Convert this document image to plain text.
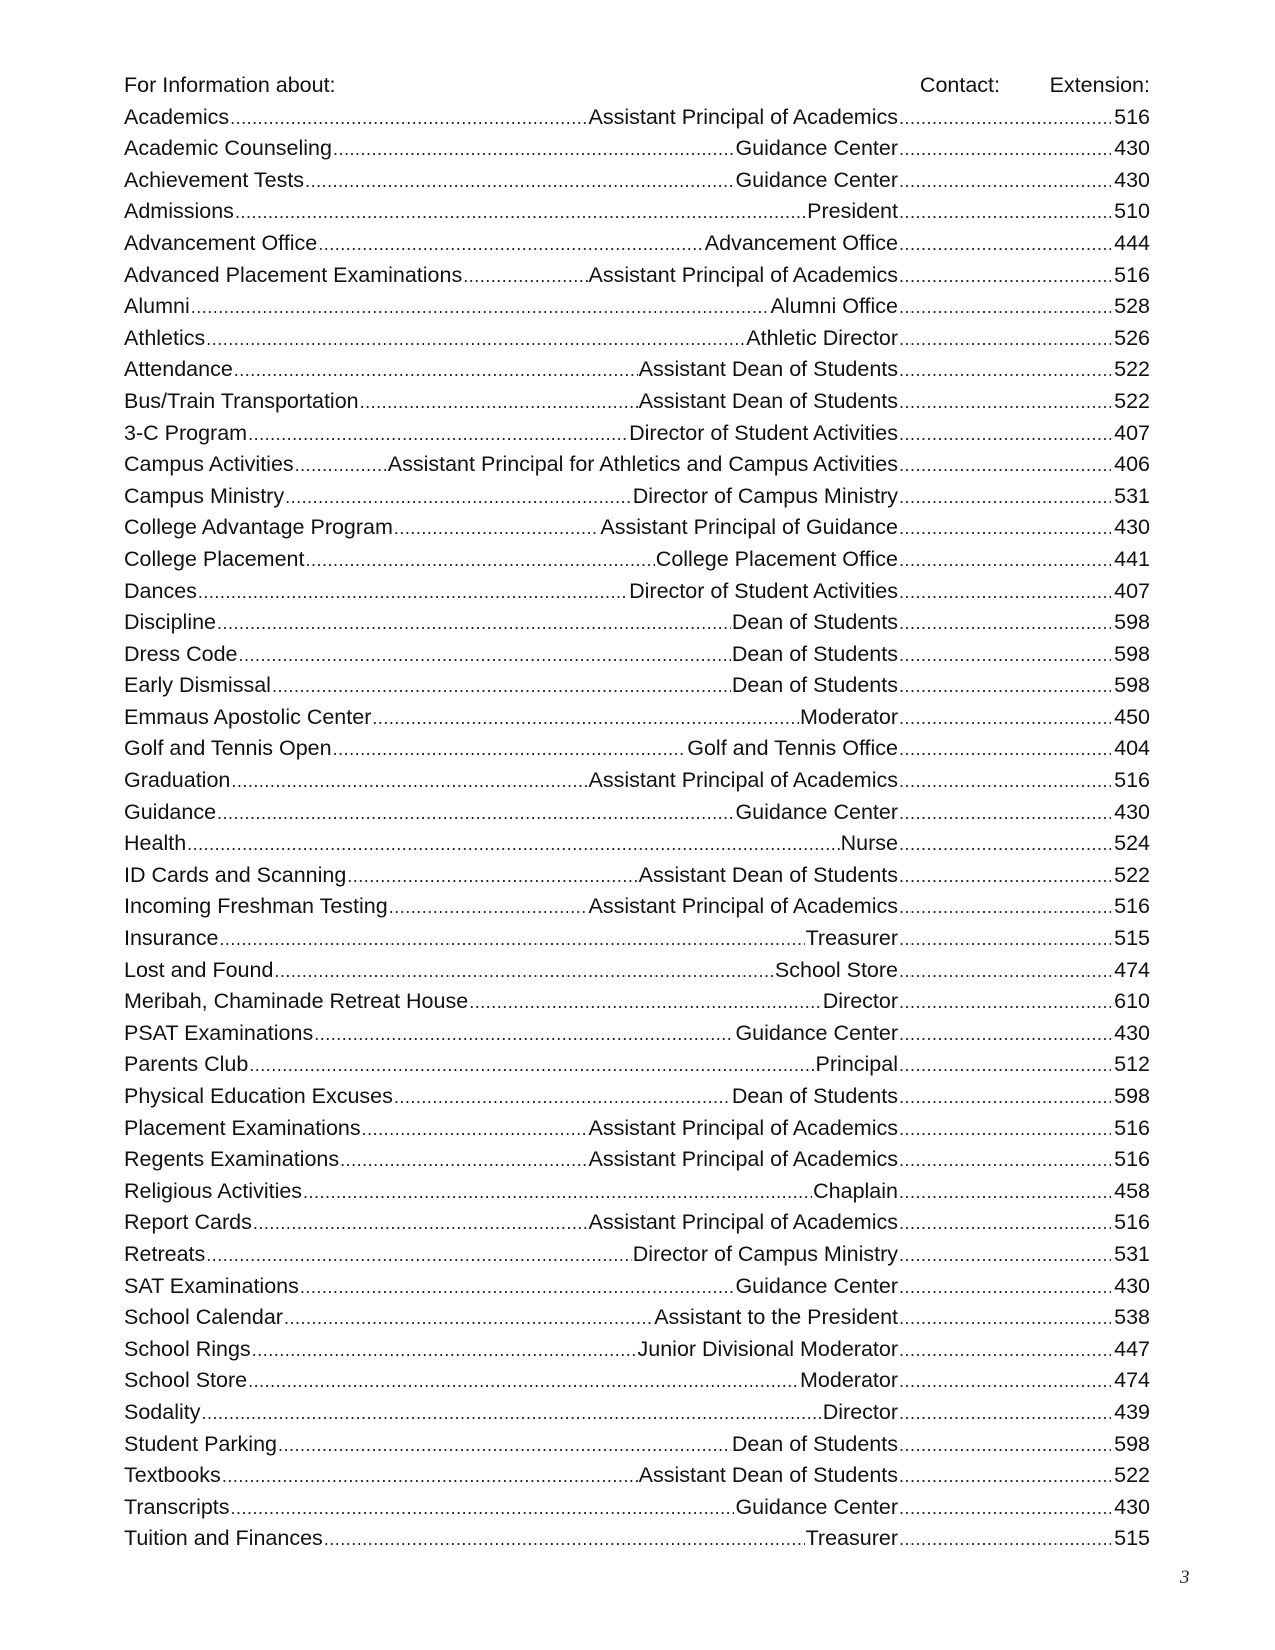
For Information about:	Contact:	Extension:
Academics .....	Assistant Principal of Academics .....	516
Academic Counseling .....	Guidance Center .....	430
Achievement Tests .....	Guidance Center .....	430
Admissions .....	President .....	510
Advancement Office .....	Advancement Office .....	444
Advanced Placement Examinations .....	Assistant Principal of Academics .....	516
Alumni .....	Alumni Office .....	528
Athletics .....	Athletic Director .....	526
Attendance .....	Assistant Dean of Students .....	522
Bus/Train Transportation .....	Assistant Dean of Students .....	522
3-C Program .....	Director of Student Activities .....	407
Campus Activities .....	Assistant Principal for Athletics and Campus Activities .....	406
Campus Ministry .....	Director of Campus Ministry .....	531
College Advantage Program .....	Assistant Principal of Guidance .....	430
College Placement .....	College Placement Office .....	441
Dances .....	Director of Student Activities .....	407
Discipline .....	Dean of Students .....	598
Dress Code .....	Dean of Students .....	598
Early Dismissal .....	Dean of Students .....	598
Emmaus Apostolic Center .....	Moderator .....	450
Golf and Tennis Open .....	Golf and Tennis Office .....	404
Graduation .....	Assistant Principal of Academics .....	516
Guidance .....	Guidance Center .....	430
Health .....	Nurse .....	524
ID Cards and Scanning .....	Assistant Dean of Students .....	522
Incoming Freshman Testing .....	Assistant Principal of Academics .....	516
Insurance .....	Treasurer .....	515
Lost and Found .....	School Store .....	474
Meribah, Chaminade Retreat House .....	Director .....	610
PSAT Examinations .....	Guidance Center .....	430
Parents Club .....	Principal .....	512
Physical Education Excuses .....	Dean of Students .....	598
Placement Examinations .....	Assistant Principal of Academics .....	516
Regents Examinations .....	Assistant Principal of Academics .....	516
Religious Activities .....	Chaplain .....	458
Report Cards .....	Assistant Principal of Academics .....	516
Retreats .....	Director of Campus Ministry .....	531
SAT Examinations .....	Guidance Center .....	430
School Calendar .....	Assistant to the President .....	538
School Rings .....	Junior Divisional Moderator .....	447
School Store .....	Moderator .....	474
Sodality .....	Director .....	439
Student Parking .....	Dean of Students .....	598
Textbooks .....	Assistant Dean of Students .....	522
Transcripts .....	Guidance Center .....	430
Tuition and Finances .....	Treasurer .....	515
3
